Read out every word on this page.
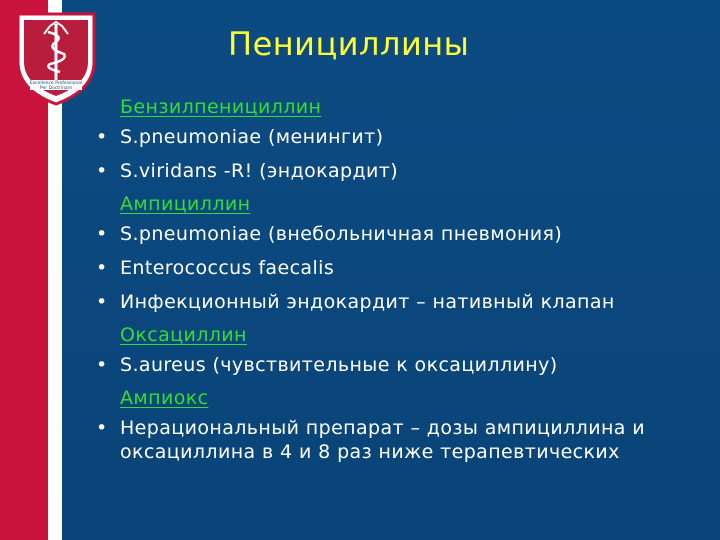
Excellence Professional
Per Doctrinam
Пенициллины
Бензилпенициллин
• S.pneumoniae (менингит)
• S.viridans -R! (эндокардит)
Ампициллин
• S.pneumoniae (внебольничная пневмония)
• Enterococcus faecalis
• Инфекционный эндокардит – нативный клапан
Оксациллин
• S.aureus (чувствительные к оксациллину)
Ампиокс
• Нерациональный препарат – дозы ампициллина и оксациллина в 4 и 8 раз ниже терапевтических
